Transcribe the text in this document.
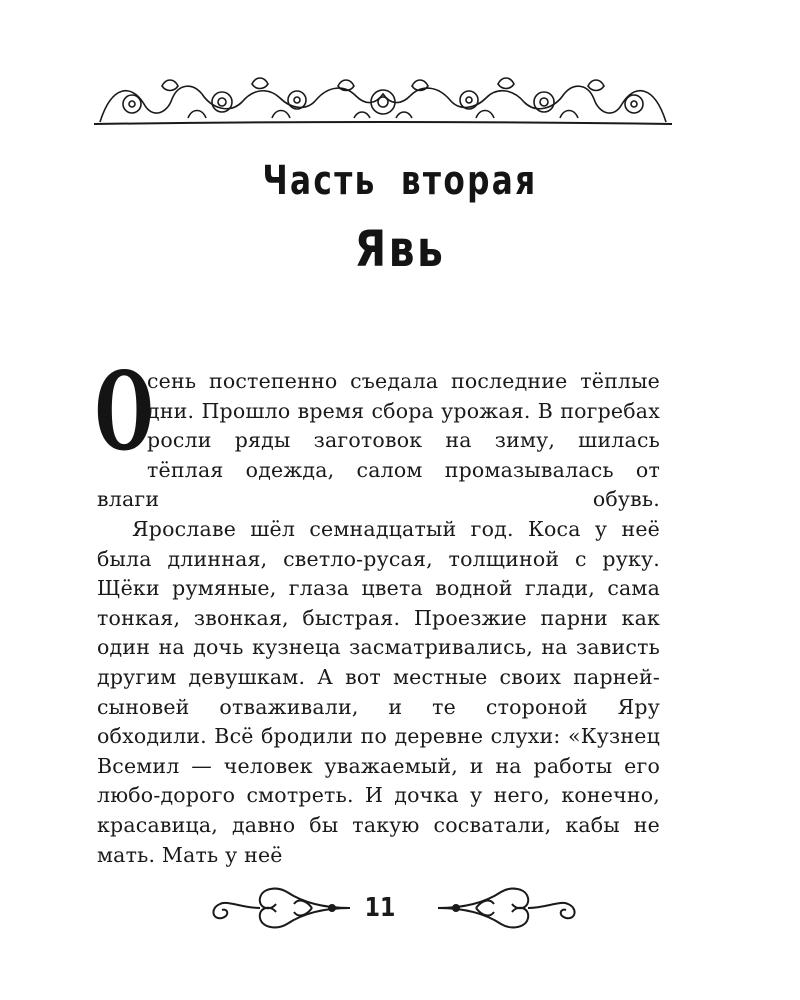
Часть вторая
Явь

О
сень постепенно съедала последние тёплые дни. Прошло время сбора урожая. В погребах росли ряды заготовок на зиму, шилась тёплая одежда, салом промазывалась от влаги обувь.

Ярославе шёл семнадцатый год. Коса у неё была длинная, светло-русая, толщиной с руку. Щёки румяные, глаза цвета водной глади, сама тонкая, звонкая, быстрая. Проезжие парни как один на дочь кузнеца засматривались, на зависть другим девушкам. А вот местные своих парней-сыновей отваживали, и те стороной Яру обходили. Всё бродили по деревне слухи: «Кузнец Всемил — человек уважаемый, и на работы его любо-дорого смотреть. И дочка у него, конечно, красавица, давно бы такую сосватали, кабы не мать. Мать у неё

11
